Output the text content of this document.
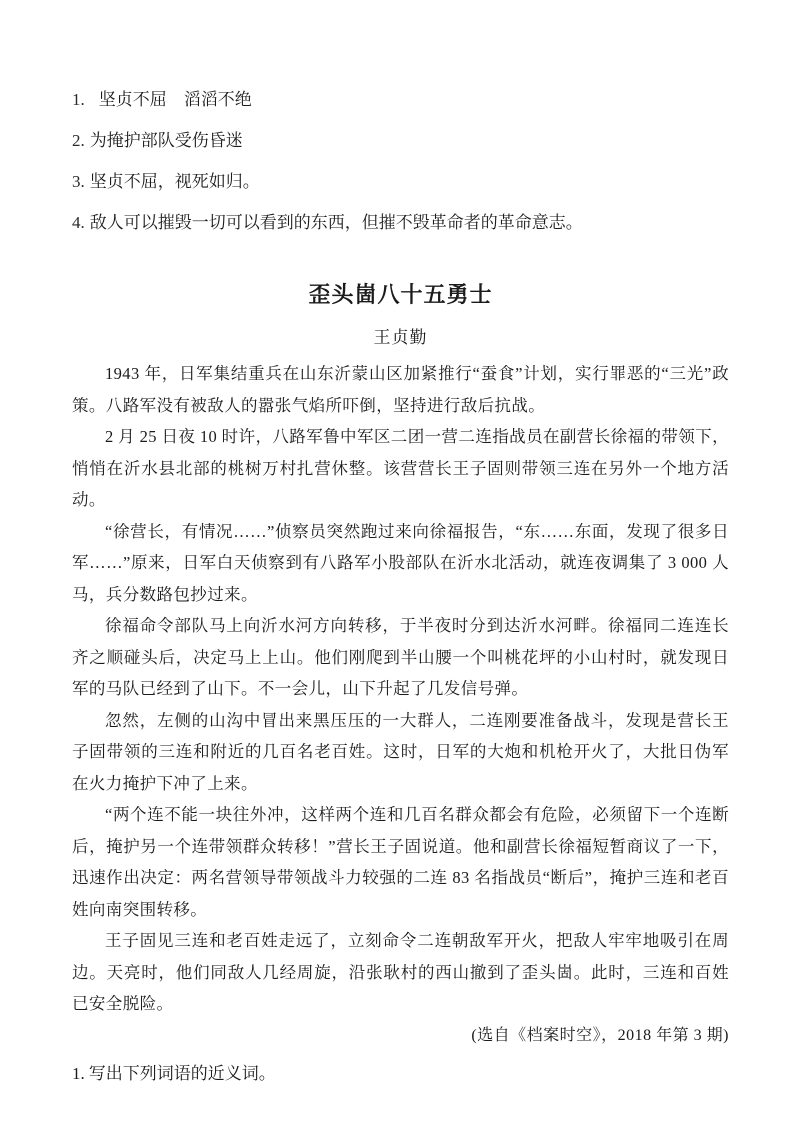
1. 坚贞不屈　滔滔不绝
2. 为掩护部队受伤昏迷
3. 坚贞不屈，视死如归。
4. 敌人可以摧毁一切可以看到的东西，但摧不毁革命者的革命意志。
歪头崮八十五勇士
王贞勤

1943 年，日军集结重兵在山东沂蒙山区加紧推行“蚕食”计划，实行罪恶的“三光”政策。八路军没有被敌人的嚣张气焰所吓倒，坚持进行敌后抗战。

2 月 25 日夜 10 时许，八路军鲁中军区二团一营二连指战员在副营长徐福的带领下，悄悄在沂水县北部的桃树万村扎营休整。该营营长王子固则带领三连在另外一个地方活动。

“徐营长，有情况……”侦察员突然跑过来向徐福报告，“东……东面，发现了很多日军……”原来，日军白天侦察到有八路军小股部队在沂水北活动，就连夜调集了 3 000 人马，兵分数路包抄过来。

徐福命令部队马上向沂水河方向转移，于半夜时分到达沂水河畔。徐福同二连连长齐之顺碰头后，决定马上上山。他们刚爬到半山腰一个叫桃花坪的小山村时，就发现日军的马队已经到了山下。不一会儿，山下升起了几发信号弹。

忽然，左侧的山沟中冒出来黑压压的一大群人，二连刚要准备战斗，发现是营长王子固带领的三连和附近的几百名老百姓。这时，日军的大炮和机枪开火了，大批日伪军在火力掩护下冲了上来。

“两个连不能一块往外冲，这样两个连和几百名群众都会有危险，必须留下一个连断后，掩护另一个连带领群众转移！”营长王子固说道。他和副营长徐福短暂商议了一下，迅速作出决定：两名营领导带领战斗力较强的二连 83 名指战员“断后”，掩护三连和老百姓向南突围转移。

王子固见三连和老百姓走远了，立刻命令二连朝敌军开火，把敌人牢牢地吸引在周边。天亮时，他们同敌人几经周旋，沿张耿村的西山撤到了歪头崮。此时，三连和百姓已安全脱险。

(选自《档案时空》，2018 年第 3 期)
1. 写出下列词语的近义词。
